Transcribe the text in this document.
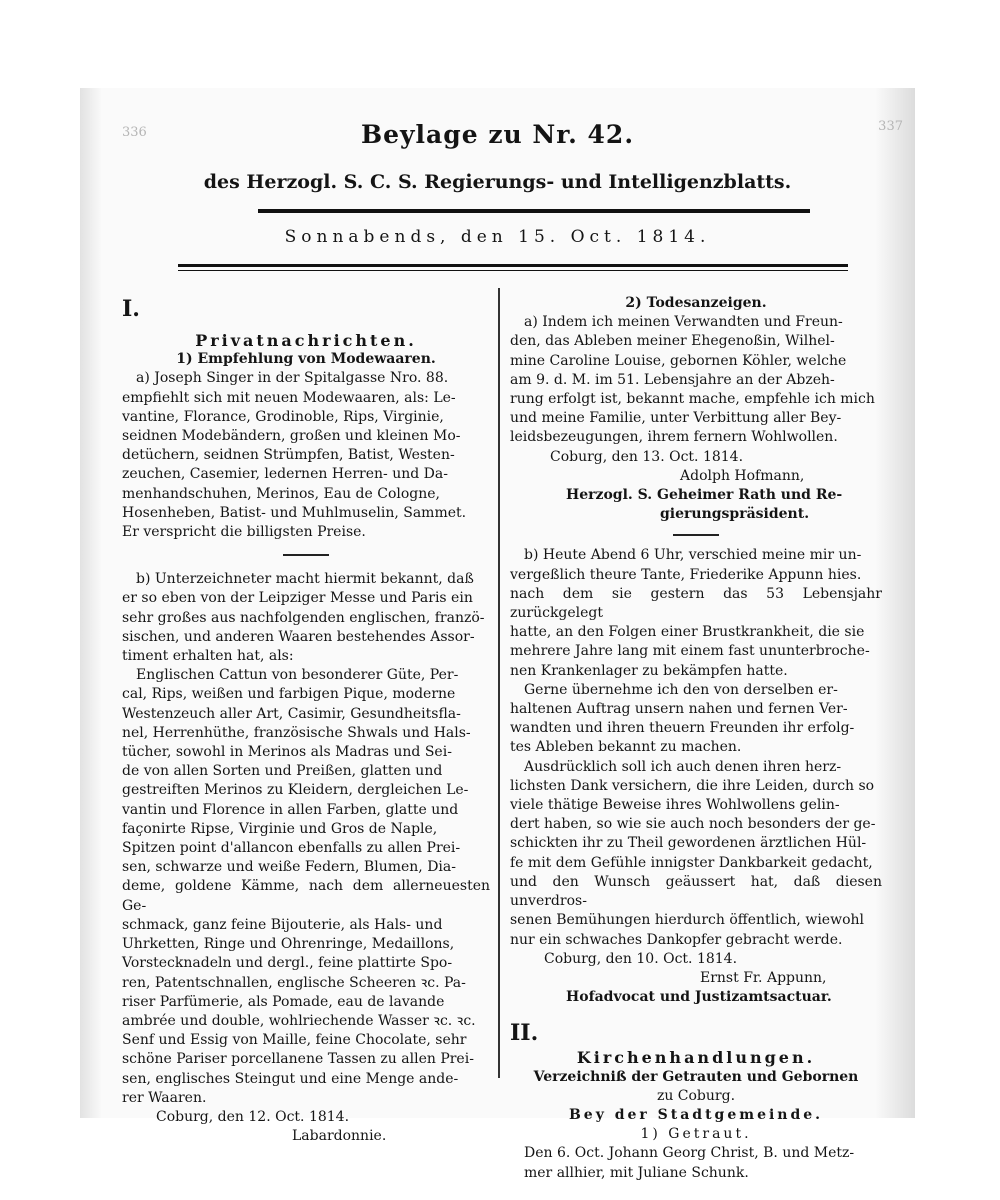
336	337
Beylage zu Nr. 42.
des Herzogl. S. C. S. Regierungs- und Intelligenzblatts.
Sonnabends, den 15. Oct. 1814.

I.

Privatnachrichten.

1) Empfehlung von Modewaaren.

a) Joseph Singer in der Spitalgasse Nro. 88.

empfiehlt sich mit neuen Modewaaren, als: Le-

vantine, Florance, Grodinoble, Rips, Virginie,

seidnen Modebändern, großen und kleinen Mo-

detüchern, seidnen Strümpfen, Batist, Westen-

zeuchen, Casemier, ledernen Herren- und Da-

menhandschuhen, Merinos, Eau de Cologne,

Hosenheben, Batist- und Muhlmuselin, Sammet.

Er verspricht die billigsten Preise.

b) Unterzeichneter macht hiermit bekannt, daß

er so eben von der Leipziger Messe und Paris ein

sehr großes aus nachfolgenden englischen, franzö-

sischen, und anderen Waaren bestehendes Assor-

timent erhalten hat, als:

Englischen Cattun von besonderer Güte, Per-

cal, Rips, weißen und farbigen Pique, moderne

Westenzeuch aller Art, Casimir, Gesundheitsfla-

nel, Herrenhüthe, französische Shwals und Hals-

tücher, sowohl in Merinos als Madras und Sei-

de von allen Sorten und Preißen, glatten und

gestreiften Merinos zu Kleidern, dergleichen Le-

vantin und Florence in allen Farben, glatte und

façonirte Ripse, Virginie und Gros de Naple,

Spitzen point d'allancon ebenfalls zu allen Prei-

sen, schwarze und weiße Federn, Blumen, Dia-

deme, goldene Kämme, nach dem allerneuesten Ge-

schmack, ganz feine Bijouterie, als Hals- und

Uhrketten, Ringe und Ohrenringe, Medaillons,

Vorstecknadeln und dergl., feine plattirte Spo-

ren, Patentschnallen, englische Scheeren ꝛc. Pa-

riser Parfümerie, als Pomade, eau de lavande

ambrée und double, wohlriechende Wasser ꝛc. ꝛc.

Senf und Essig von Maille, feine Chocolate, sehr

schöne Pariser porcellanene Tassen zu allen Prei-

sen, englisches Steingut und eine Menge ande-

rer Waaren.

Coburg, den 12. Oct. 1814.

Labardonnie.

2) Todesanzeigen.

a) Indem ich meinen Verwandten und Freun-

den, das Ableben meiner Ehegenoßin, Wilhel-

mine Caroline Louise, gebornen Köhler, welche

am 9. d. M. im 51. Lebensjahre an der Abzeh-

rung erfolgt ist, bekannt mache, empfehle ich mich

und meine Familie, unter Verbittung aller Bey-

leidsbezeugungen, ihrem fernern Wohlwollen.

Coburg, den 13. Oct. 1814.

Adolph Hofmann,

Herzogl. S. Geheimer Rath und Re-

gierungspräsident.

b) Heute Abend 6 Uhr, verschied meine mir un-

vergeßlich theure Tante, Friederike Appunn hies.

nach dem sie gestern das 53 Lebensjahr zurückgelegt

hatte, an den Folgen einer Brustkrankheit, die sie

mehrere Jahre lang mit einem fast ununterbroche-

nen Krankenlager zu bekämpfen hatte.

Gerne übernehme ich den von derselben er-

haltenen Auftrag unsern nahen und fernen Ver-

wandten und ihren theuern Freunden ihr erfolg-

tes Ableben bekannt zu machen.

Ausdrücklich soll ich auch denen ihren herz-

lichsten Dank versichern, die ihre Leiden, durch so

viele thätige Beweise ihres Wohlwollens gelin-

dert haben, so wie sie auch noch besonders der ge-

schickten ihr zu Theil gewordenen ärztlichen Hül-

fe mit dem Gefühle innigster Dankbarkeit gedacht,

und den Wunsch geäussert hat, daß diesen unverdros-

senen Bemühungen hierdurch öffentlich, wiewohl

nur ein schwaches Dankopfer gebracht werde.

Coburg, den 10. Oct. 1814.

Ernst Fr. Appunn,

Hofadvocat und Justizamtsactuar.

II.

Kirchenhandlungen.

Verzeichniß der Getrauten und Gebornen

zu Coburg.

Bey der Stadtgemeinde.

1) Getraut.

Den 6. Oct. Johann Georg Christ, B. und Metz-

mer allhier, mit Juliane Schunk.
